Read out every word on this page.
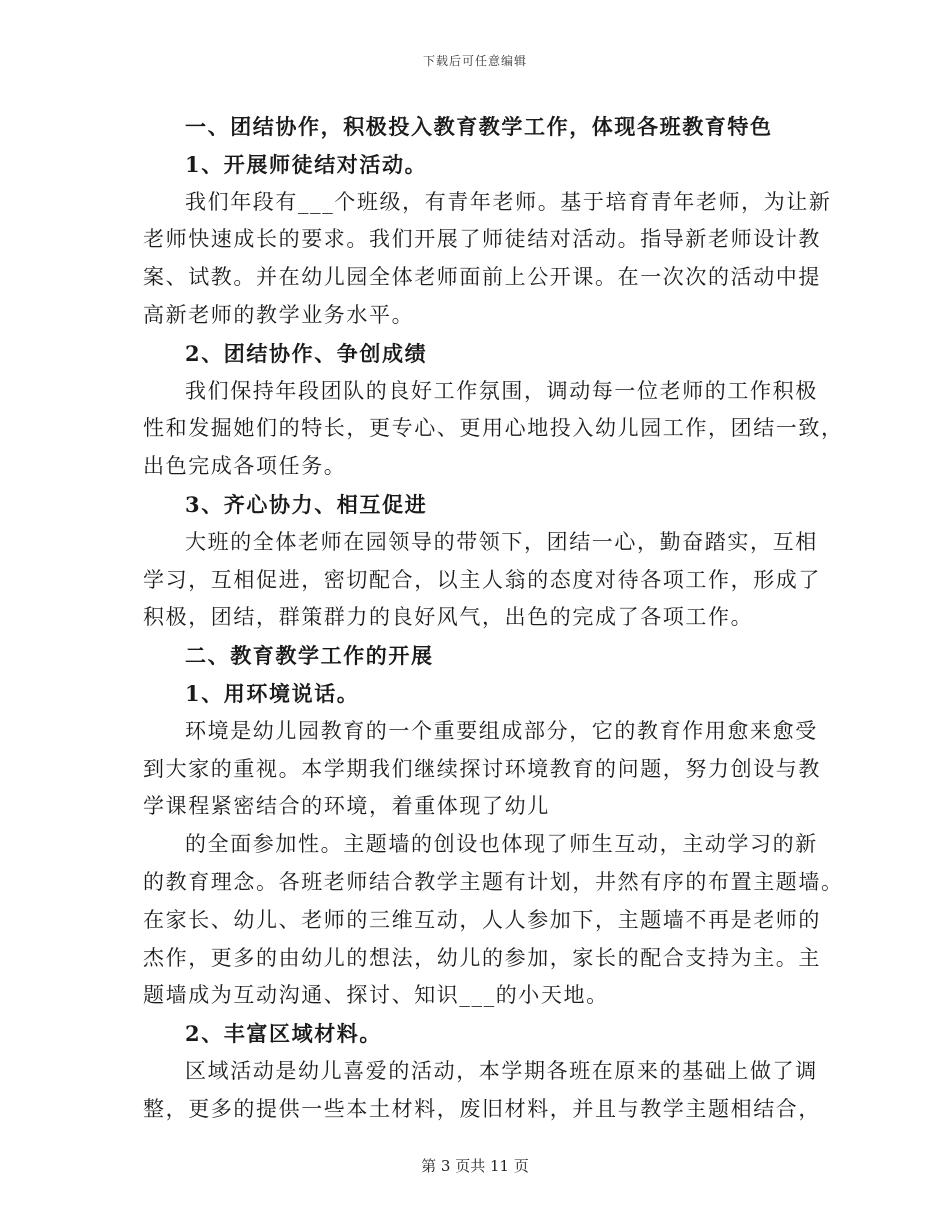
下载后可任意编辑
一、团结协作，积极投入教育教学工作，体现各班教育特色
1、开展师徒结对活动。
我们年段有___个班级，有青年老师。基于培育青年老师，为让新
老师快速成长的要求。我们开展了师徒结对活动。指导新老师设计教
案、试教。并在幼儿园全体老师面前上公开课。在一次次的活动中提
高新老师的教学业务水平。
2、团结协作、争创成绩
我们保持年段团队的良好工作氛围，调动每一位老师的工作积极
性和发掘她们的特长，更专心、更用心地投入幼儿园工作，团结一致，
出色完成各项任务。
3、齐心协力、相互促进
大班的全体老师在园领导的带领下，团结一心，勤奋踏实，互相
学习，互相促进，密切配合，以主人翁的态度对待各项工作，形成了
积极，团结，群策群力的良好风气，出色的完成了各项工作。
二、教育教学工作的开展
1、用环境说话。
环境是幼儿园教育的一个重要组成部分，它的教育作用愈来愈受
到大家的重视。本学期我们继续探讨环境教育的问题，努力创设与教
学课程紧密结合的环境，着重体现了幼儿
的全面参加性。主题墙的创设也体现了师生互动，主动学习的新
的教育理念。各班老师结合教学主题有计划，井然有序的布置主题墙。
在家长、幼儿、老师的三维互动，人人参加下，主题墙不再是老师的
杰作，更多的由幼儿的想法，幼儿的参加，家长的配合支持为主。主
题墙成为互动沟通、探讨、知识___的小天地。
2、丰富区域材料。
区域活动是幼儿喜爱的活动，本学期各班在原来的基础上做了调
整，更多的提供一些本土材料，废旧材料，并且与教学主题相结合，
第 3 页共 11 页
